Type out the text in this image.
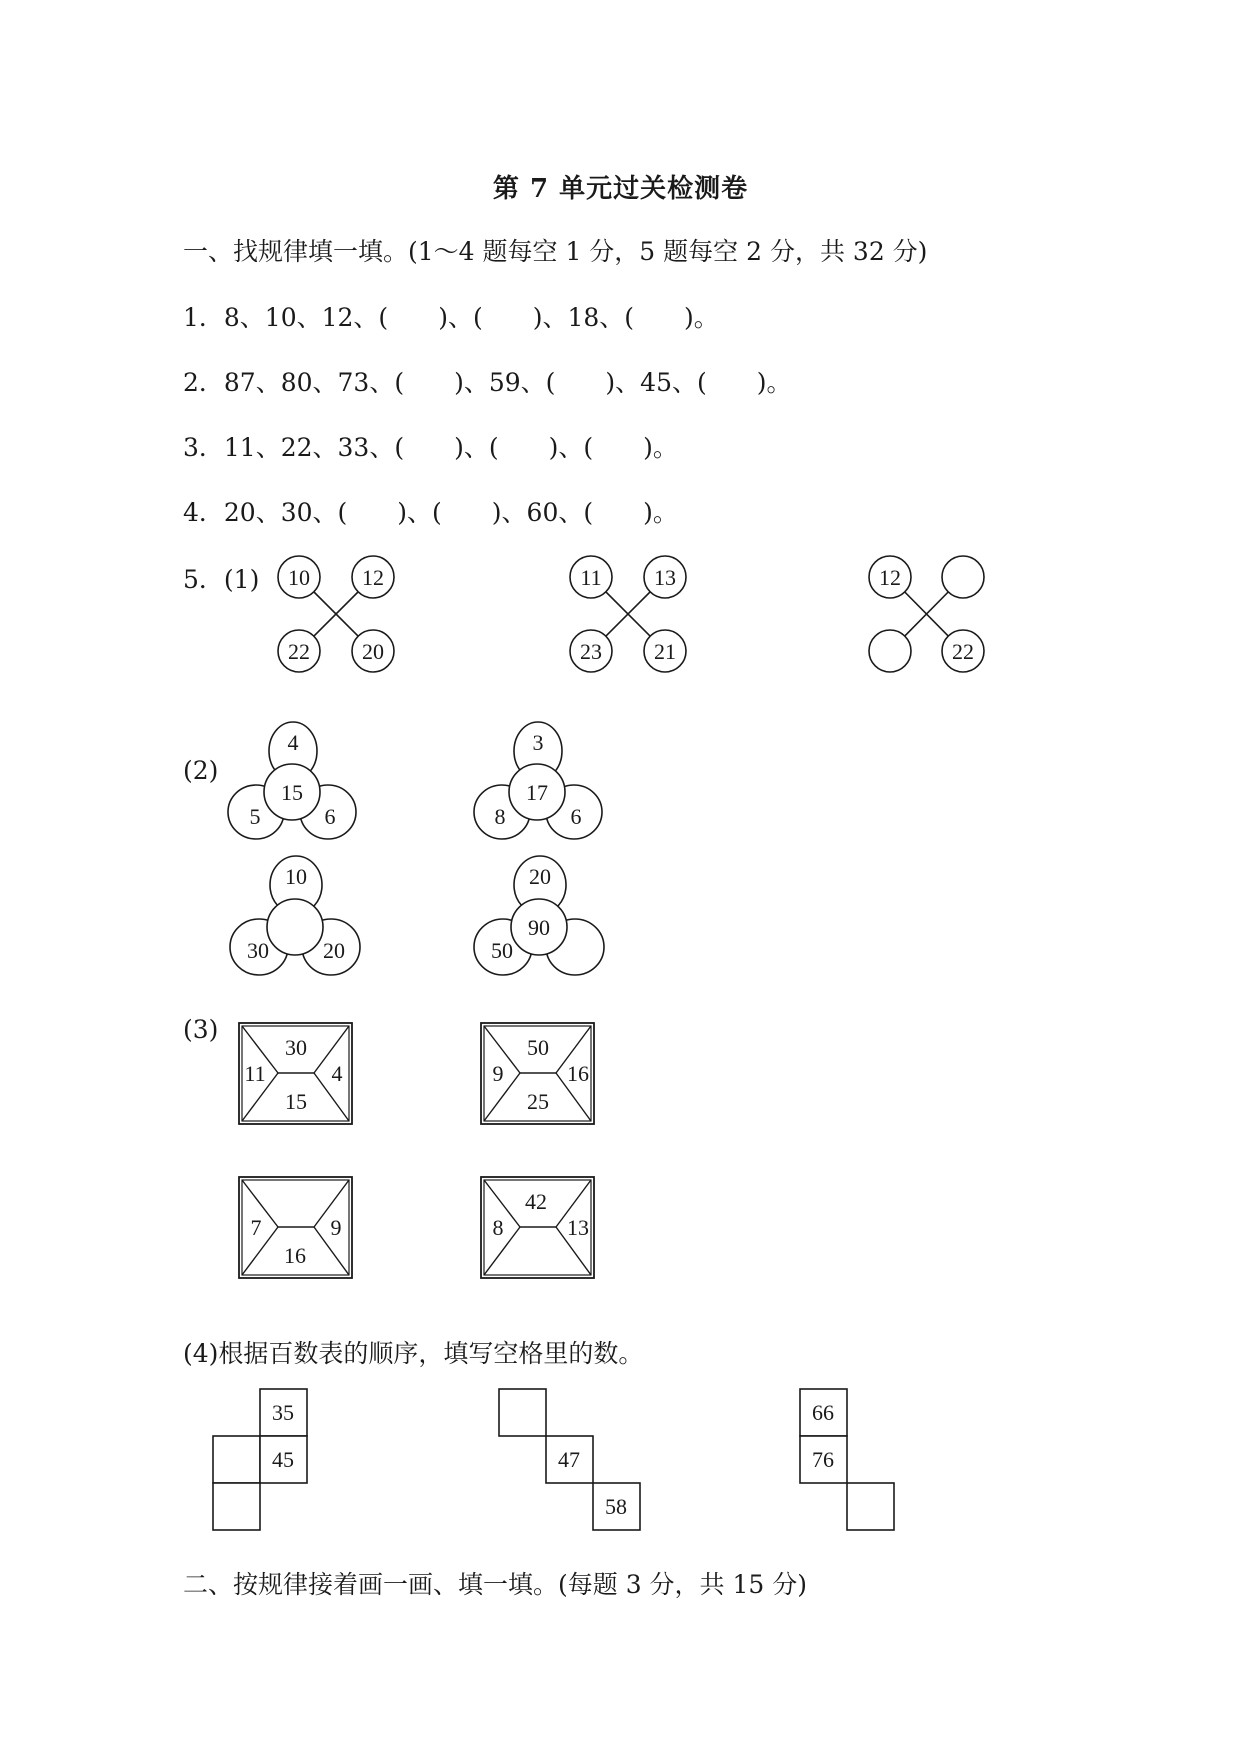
第 7 单元过关检测卷
一、找规律填一填。(1～4 题每空 1 分，5 题每空 2 分，共 32 分)
1．8、10、12、(　　)、(　　)、18、(　　)。
2．87、80、73、(　　)、59、(　　)、45、(　　)。
3．11、22、33、(　　)、(　　)、(　　)。
4．20、30、(　　)、(　　)、60、(　　)。
5．(1)
(2)
(3)
(4)根据百数表的顺序，填写空格里的数。
二、按规律接着画一画、填一填。(每题 3 分，共 15 分)
10 12
22 20
11 13
23 21
12
22
4
15
5	6
3
17
8	6
10
30 20
20
90
50
30
11	4
15
50
9	16
25
7	9
16
42
8	13
35
45	47
58
66
76
